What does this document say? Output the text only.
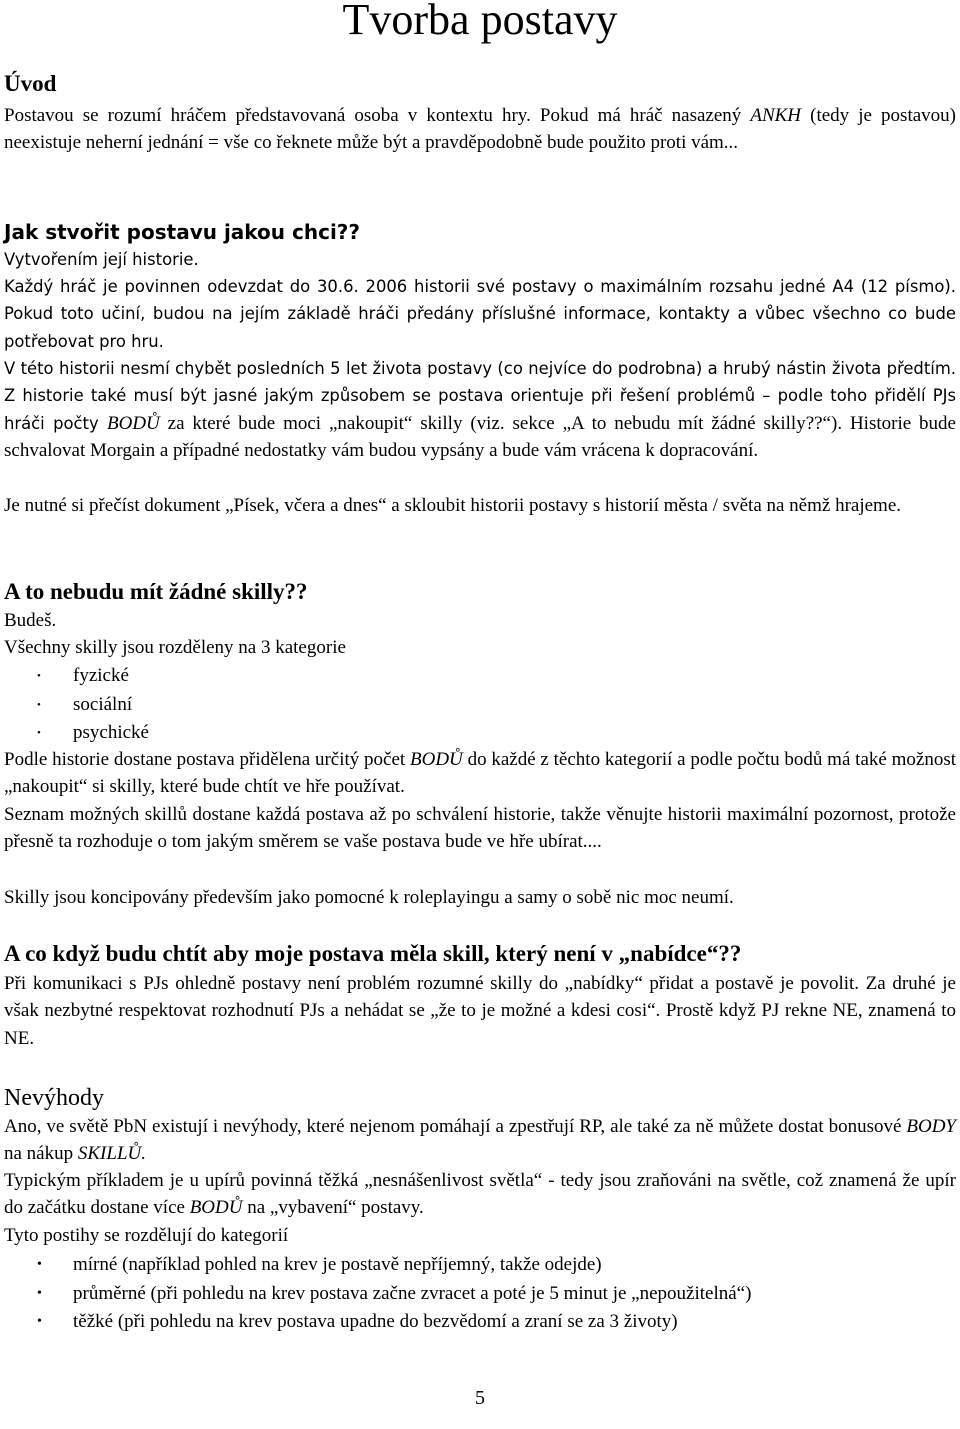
Tvorba postavy
Úvod

Postavou se rozumí hráčem představovaná osoba v kontextu hry. Pokud má hráč nasazený ANKH (tedy je postavou) neexistuje neherní jednání = vše co řeknete může být a pravděpodobně bude použito proti vám...

Jak stvořit postavu jakou chci??

Vytvořením její historie.

Každý hráč je povinnen odevzdat do 30.6. 2006 historii své postavy o maximálním rozsahu jedné A4 (12 písmo). Pokud toto učiní, budou na jejím základě hráči předány příslušné informace, kontakty a vůbec všechno co bude potřebovat pro hru.

V této historii nesmí chybět posledních 5 let života postavy (co nejvíce do podrobna) a hrubý nástin života předtím. Z historie také musí být jasné jakým způsobem se postava orientuje při řešení problémů – podle toho přidělí PJs hráči počty BODŮ za které bude moci „nakoupit“ skilly (viz. sekce „A to nebudu mít žádné skilly??“). Historie bude schvalovat Morgain a případné nedostatky vám budou vypsány a bude vám vrácena k dopracování.

Je nutné si přečíst dokument „Písek, včera a dnes“ a skloubit historii postavy s historií města / světa na němž hrajeme.

A to nebudu mít žádné skilly??

Budeš.

Všechny skilly jsou rozděleny na 3 kategorie

• fyzické
• sociální
• psychické

Podle historie dostane postava přidělena určitý počet BODŮ do každé z těchto kategorií a podle počtu bodů má také možnost „nakoupit“ si skilly, které bude chtít ve hře používat.

Seznam možných skillů dostane každá postava až po schválení historie, takže věnujte historii maximální pozornost, protože přesně ta rozhoduje o tom jakým směrem se vaše postava bude ve hře ubírat....

Skilly jsou koncipovány především jako pomocné k roleplayingu a samy o sobě nic moc neumí.

A co když budu chtít aby moje postava měla skill, který není v „nabídce“??

Při komunikaci s PJs ohledně postavy není problém rozumné skilly do „nabídky“ přidat a postavě je povolit. Za druhé je však nezbytné respektovat rozhodnutí PJs a nehádat se „že to je možné a kdesi cosi“. Prostě když PJ rekne NE, znamená to NE.

Nevýhody

Ano, ve světě PbN existují i nevýhody, které nejenom pomáhají a zpestřují RP, ale také za ně můžete dostat bonusové BODY na nákup SKILLŮ.

Typickým příkladem je u upírů povinná těžká „nesnášenlivost světla“ - tedy jsou zraňováni na světle, což znamená že upír do začátku dostane více BODŮ na „vybavení“ postavy.

Tyto postihy se rozdělují do kategorií

• mírné (například pohled na krev je postavě nepříjemný, takže odejde)
• průměrné (při pohledu na krev postava začne zvracet a poté je 5 minut je „nepoužitelná“)
• těžké (při pohledu na krev postava upadne do bezvědomí a zraní se za 3 životy)
5
